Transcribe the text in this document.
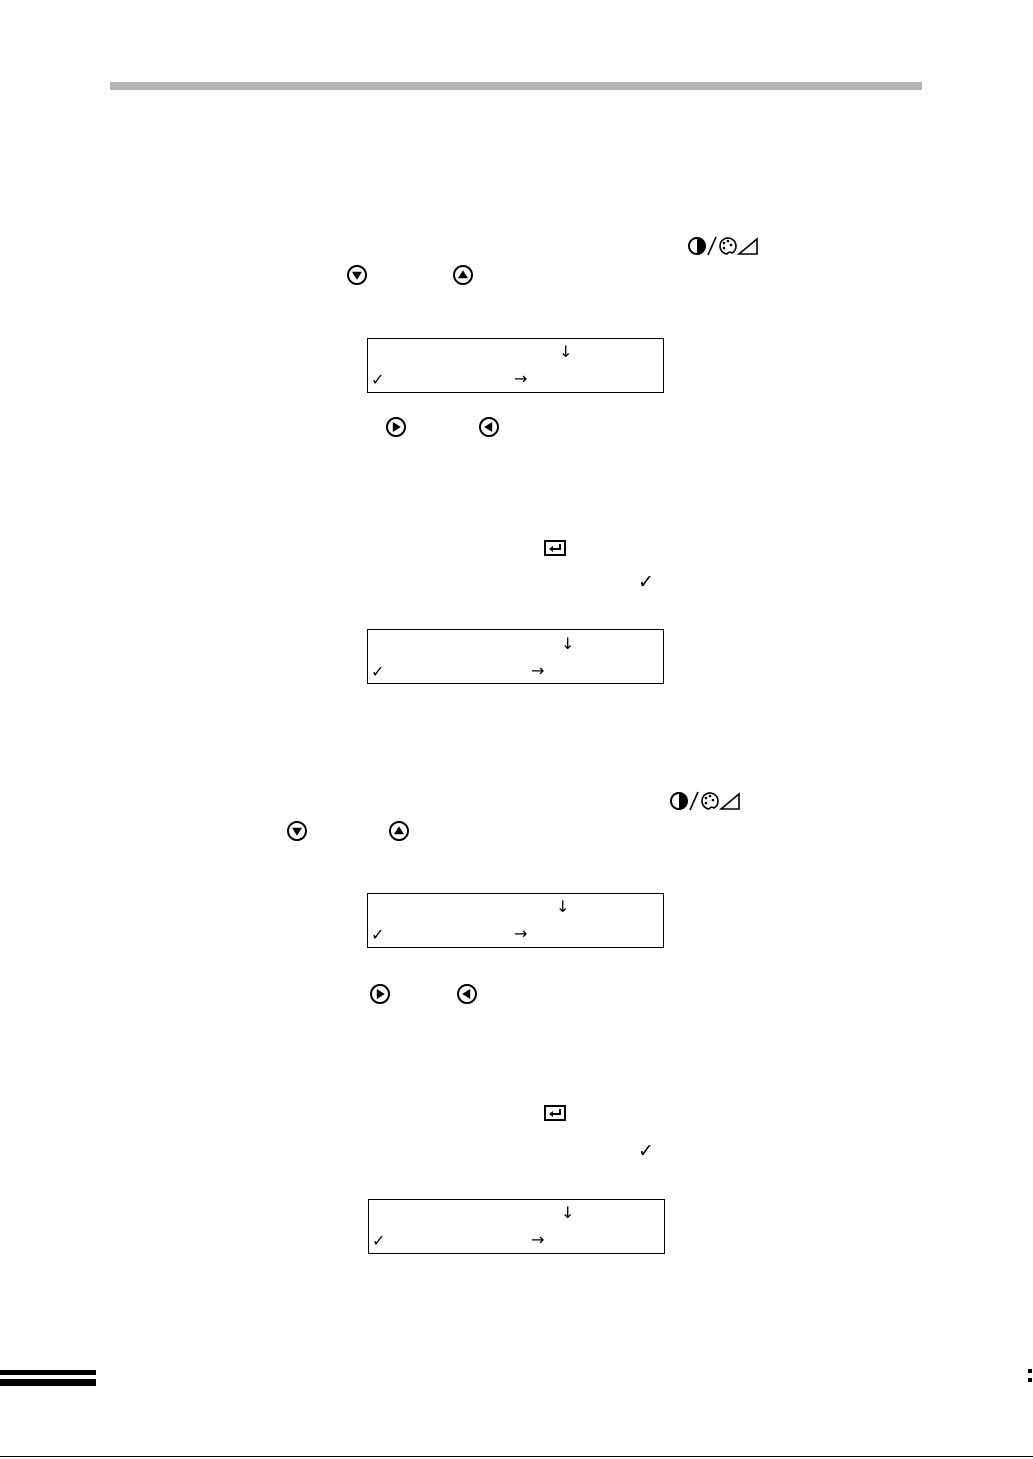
↓
✓	→
✓
↓
✓	→
↓
✓	→
✓
↓
✓	→
